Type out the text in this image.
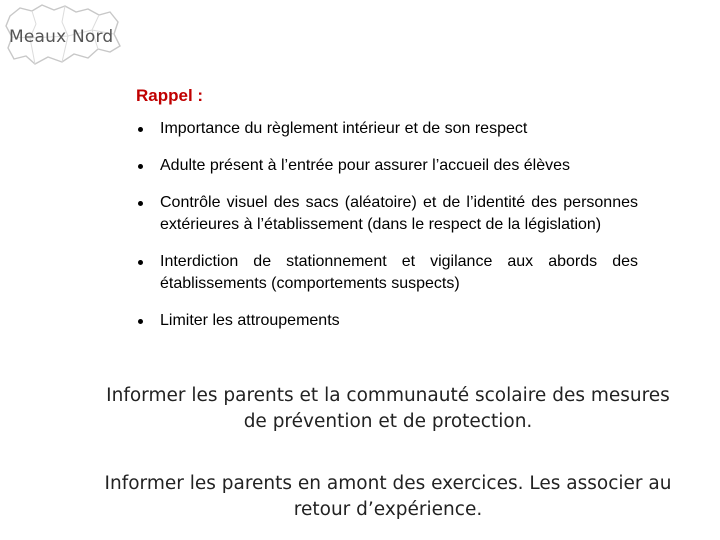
Meaux Nord
Rappel :
Importance du règlement intérieur et de son respect
Adulte présent à l’entrée pour assurer l’accueil des élèves
Contrôle visuel des sacs (aléatoire) et de l’identité des personnes extérieures à l’établissement (dans le respect de la législation)
Interdiction de stationnement et vigilance aux abords des établissements (comportements suspects)
Limiter les attroupements
Informer les parents et la communauté scolaire des mesures de prévention et de protection.
Informer les parents en amont des exercices. Les associer au retour d’expérience.
